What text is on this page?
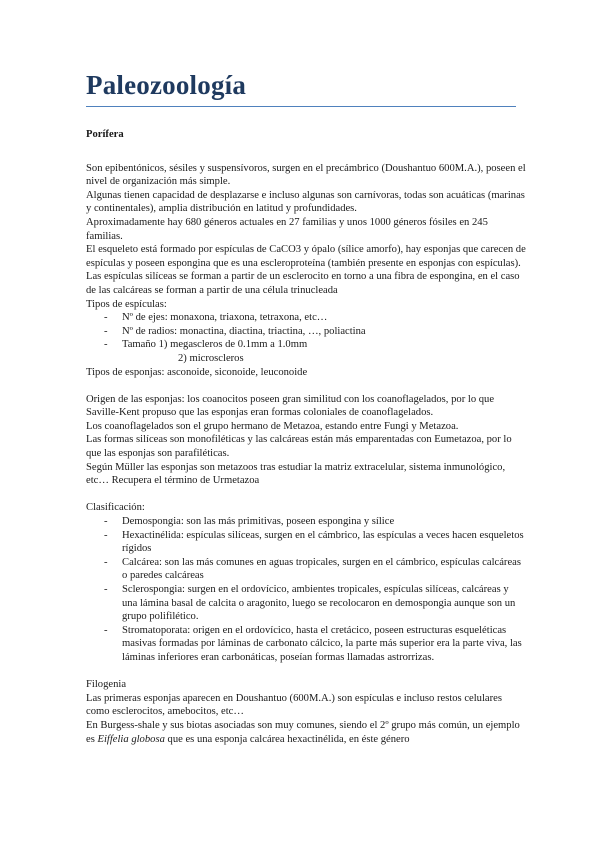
Paleozoología

Porífera

Son epibentónicos, sésiles y suspensívoros, surgen en el precámbrico (Doushantuo 600M.A.), poseen el nivel de organización más simple.

Algunas tienen capacidad de desplazarse e incluso algunas son carnívoras, todas son acuáticas (marinas y continentales), amplia distribución en latitud y profundidades.

Aproximadamente hay 680 géneros actuales en 27 familias y unos 1000 géneros fósiles en 245 familias.

El esqueleto está formado por espículas de CaCO3 y ópalo (sílice amorfo), hay esponjas que carecen de espículas y poseen espongina que es una escleroproteína (también presente en esponjas con espículas).

Las espículas silíceas se forman a partir de un esclerocito en torno a una fibra de espongina, en el caso de las calcáreas se forman a partir de una célula trinucleada

Tipos de espículas:

- Nº de ejes: monaxona, triaxona, tetraxona, etc…
- Nº de radios: monactina, diactina, triactina, …, poliactina
- Tamaño 1) megascleros de 0.1mm a 1.0mm

2) microscleros

Tipos de esponjas: asconoide, siconoide, leuconoide

Origen de las esponjas: los coanocitos poseen gran similitud con los coanoflagelados, por lo que Saville-Kent propuso que las esponjas eran formas coloniales de coanoflagelados.

Los coanoflagelados son el grupo hermano de Metazoa, estando entre Fungi y Metazoa.

Las formas silíceas son monofiléticas y las calcáreas están más emparentadas con Eumetazoa, por lo que las esponjas son parafiléticas.

Según Müller las esponjas son metazoos tras estudiar la matriz extracelular, sistema inmunológico, etc… Recupera el término de Urmetazoa

Clasificación:

- Demospongia: son las más primitivas, poseen espongina y sílice
- Hexactinélida: espículas silíceas, surgen en el cámbrico, las espículas a veces hacen esqueletos rígidos
- Calcárea: son las más comunes en aguas tropicales, surgen en el cámbrico, espículas calcáreas o paredes calcáreas
- Sclerospongia: surgen en el ordovícico, ambientes tropicales, espículas silíceas, calcáreas y una lámina basal de calcita o aragonito, luego se recolocaron en demospongia aunque son un grupo polifilético.
- Stromatoporata: origen en el ordovícico, hasta el cretácico, poseen estructuras esqueléticas masivas formadas por láminas de carbonato cálcico, la parte más superior era la parte viva, las láminas inferiores eran carbonáticas, poseían formas llamadas astrorrizas.

Filogenia

Las primeras esponjas aparecen en Doushantuo (600M.A.) son espículas e incluso restos celulares como esclerocitos, amebocitos, etc…

En Burgess-shale y sus biotas asociadas son muy comunes, siendo el 2º grupo más común, un ejemplo es Eiffelia globosa que es una esponja calcárea hexactinélida, en éste género
